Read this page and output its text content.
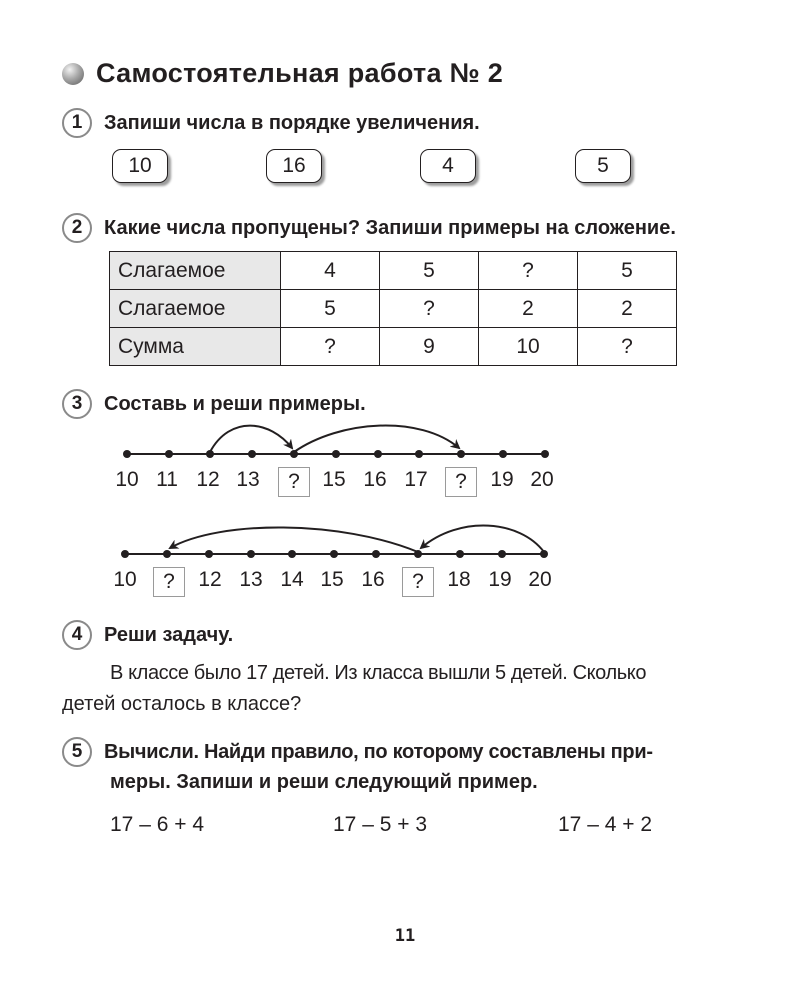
Самостоятельная работа № 2
1	Запиши числа в порядке увеличения.
10	16	4	5
2	Какие числа пропущены? Запиши примеры на сложение.
Слагаемое	4	5	?	5
Слагаемое	5	?	2	2
Сумма	?	9	10	?
3	Составь и реши примеры.
10 11 12 13	?	15 16 17	?	19 20
10	?	12 13 14 15 16	?	18 19 20
4	Реши задачу.
В классе было 17 детей. Из класса вышли 5 детей. Сколько
детей осталось в классе?
5	Вычисли. Найди правило, по которому составлены при-
меры. Запиши и реши следующий пример.
17 – 6 + 4	17 – 5 + 3	17 – 4 + 2
11
